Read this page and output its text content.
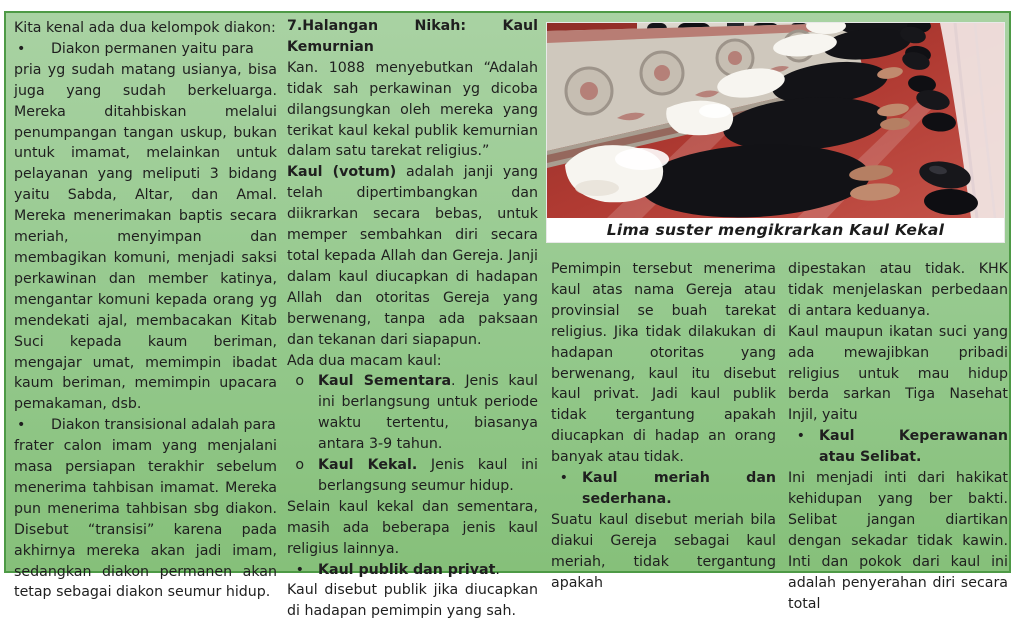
Kita kenal ada dua kelompok diakon:

•	Diakon permanen yaitu para

pria yg sudah matang usianya, bisa juga yang sudah berkeluarga. Mereka ditahbiskan melalui penumpangan tangan uskup, bukan untuk imamat, melainkan untuk pelayanan yang meliputi 3 bidang yaitu Sabda, Altar, dan Amal. Mereka menerimakan baptis secara meriah, menyimpan dan membagikan komuni, menjadi saksi perkawinan dan member katinya, mengantar komuni kepada orang yg mendekati ajal, membacakan Kitab Suci kepada kaum beriman, mengajar umat, memimpin ibadat kaum beriman, memimpin upacara pemakaman, dsb.

•	Diakon transisional adalah para

frater calon imam yang menjalani masa persiapan terakhir sebelum menerima tahbisan imamat. Mereka pun menerima tahbisan sbg diakon. Disebut “transisi” karena pada akhirnya mereka akan jadi imam, sedangkan diakon permanen akan tetap sebagai diakon seumur hidup.

7.Halangan Nikah: Kaul Kemurnian

Kan. 1088 menyebutkan “Adalah tidak sah perkawinan yg dicoba dilangsungkan oleh mereka yang terikat kaul kekal publik kemurnian dalam satu tarekat religius.”

Kaul (votum) adalah janji yang telah dipertimbangkan dan diikrarkan secara bebas, untuk memper sembahkan diri secara total kepada Allah dan Gereja. Janji dalam kaul diucapkan di hadapan Allah dan otoritas Gereja yang berwenang, tanpa ada paksaan dan tekanan dari siapapun.

Ada dua macam kaul:

o Kaul Sementara. Jenis kaul ini berlangsung untuk periode waktu tertentu, biasanya antara 3-9 tahun.
o Kaul Kekal. Jenis kaul ini berlangsung seumur hidup.

Selain kaul kekal dan sementara, masih ada beberapa jenis kaul religius lainnya.

• Kaul publik dan privat.

Kaul disebut publik jika diucapkan di hadapan pemimpin yang sah.

Lima suster mengikrarkan Kaul Kekal

Pemimpin tersebut menerima kaul atas nama Gereja atau provinsial se buah tarekat religius. Jika tidak dilakukan di hadapan otoritas yang berwenang, kaul itu disebut kaul privat. Jadi kaul publik tidak tergantung apakah diucapkan di hadap an orang banyak atau tidak.

• Kaul meriah dan sederhana.

Suatu kaul disebut meriah bila diakui Gereja sebagai kaul meriah, tidak tergantung apakah

dipestakan atau tidak. KHK tidak menjelaskan perbedaan di antara keduanya.

Kaul maupun ikatan suci yang ada mewajibkan pribadi religius untuk mau hidup berda sarkan Tiga Nasehat Injil, yaitu

• Kaul Keperawanan atau Selibat.

Ini menjadi inti dari hakikat kehidupan yang ber bakti. Selibat jangan diartikan dengan sekadar tidak kawin. Inti dan pokok dari kaul ini adalah penyerahan diri secara total
